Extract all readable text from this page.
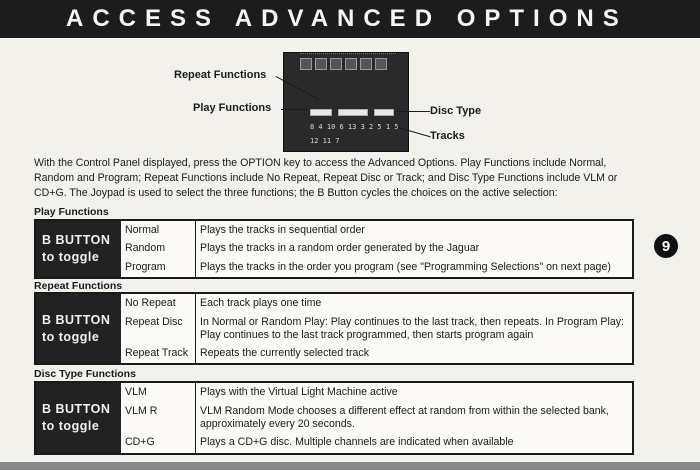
ACCESS ADVANCED OPTIONS
8 4 10 6 13 3 2 5 1 5
12 11 7
Repeat Functions
Play Functions	Disc Type
Tracks
With the Control Panel displayed, press the OPTION key to access the Advanced Options. Play Functions include Normal, Random and Program; Repeat Functions include No Repeat, Repeat Disc or Track; and Disc Type Functions include VLM or CD+G. The Joypad is used to select the three functions; the B Button cycles the choices on the active selection:
Play Functions
B BUTTON
to toggle
Normal
Random
Program
Plays the tracks in sequential order
Plays the tracks in a random order generated by the Jaguar
Plays the tracks in the order you program (see "Programming Selections" on next page)
Repeat Functions
B BUTTON
to toggle
No Repeat
Repeat Disc
Repeat Track
Each track plays one time
In Normal or Random Play: Play continues to the last track, then repeats. In Program Play: Play continues to the last track programmed, then starts program again
Repeats the currently selected track
Disc Type Functions
B BUTTON
to toggle
VLM
VLM R
CD+G
Plays with the Virtual Light Machine active
VLM Random Mode chooses a different effect at random from within the selected bank, approximately every 20 seconds.
Plays a CD+G disc. Multiple channels are indicated when available
9
